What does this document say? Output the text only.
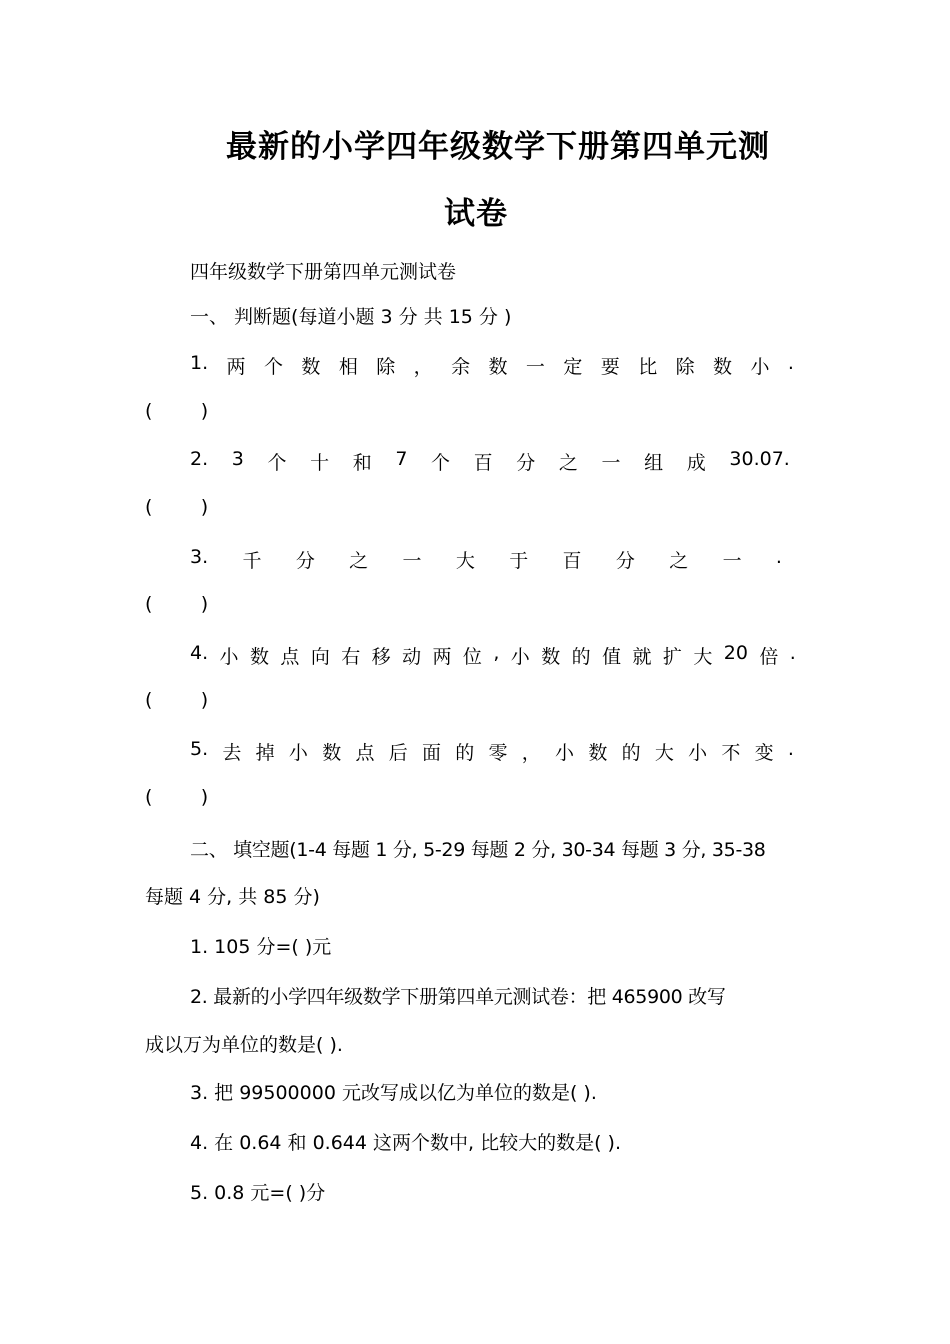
最新的小学四年级数学下册第四单元测
试卷
四年级数学下册第四单元测试卷
一、 判断题(每道小题 3 分 共 15 分 )
1. 两 个 数 相 除 ， 余 数 一 定 要 比 除 数 小 .
(        )
2. 3 个 十 和 7 个 百 分 之 一 组 成 30.07.
(        )
3. 千 分 之 一 大 于 百 分 之 一 .
(        )
4. 小 数 点 向 右 移 动 两 位 , 小 数 的 值 就 扩 大 20 倍 .
(        )
5. 去 掉 小 数 点 后 面 的 零 ， 小 数 的 大 小 不 变 .
(        )
二、 填空题(1-4 每题 1 分, 5-29 每题 2 分, 30-34 每题 3 分, 35-38
每题 4 分, 共 85 分)
1. 105 分=( )元
2. 最新的小学四年级数学下册第四单元测试卷：把 465900 改写
成以万为单位的数是( ).
3. 把 99500000 元改写成以亿为单位的数是( ).
4. 在 0.64 和 0.644 这两个数中, 比较大的数是( ).
5. 0.8 元=( )分
